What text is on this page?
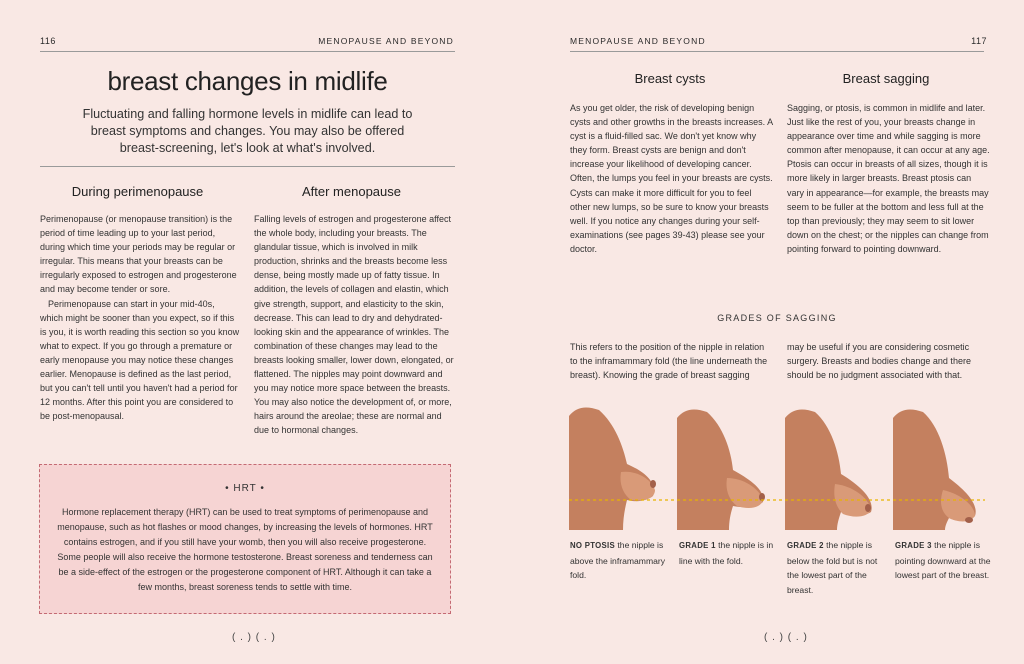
116	MENOPAUSE AND BEYOND
breast changes in midlife
Fluctuating and falling hormone levels in midlife can lead to breast symptoms and changes. You may also be offered breast-screening, let's look at what's involved.
During perimenopause	After menopause

Perimenopause (or menopause transition) is the period of time leading up to your last period, during which time your periods may be regular or irregular. This means that your breasts can be irregularly exposed to estrogen and progesterone and may become tender or sore.

Perimenopause can start in your mid-40s, which might be sooner than you expect, so if this is you, it is worth reading this section so you know what to expect. If you go through a premature or early menopause you may notice these changes earlier. Menopause is defined as the last period, but you can't tell until you haven't had a period for 12 months. After this point you are considered to be post-menopausal.

Falling levels of estrogen and progesterone affect the whole body, including your breasts. The glandular tissue, which is involved in milk production, shrinks and the breasts become less dense, being mostly made up of fatty tissue. In addition, the levels of collagen and elastin, which give strength, support, and elasticity to the skin, decrease. This can lead to dry and dehydrated-looking skin and the appearance of wrinkles. The combination of these changes may lead to the breasts looking smaller, lower down, elongated, or flattened. The nipples may point downward and you may notice more space between the breasts. You may also notice the development of, or more, hairs around the areolae; these are normal and due to hormonal changes.

• HRT •

Hormone replacement therapy (HRT) can be used to treat symptoms of perimenopause and menopause, such as hot flashes or mood changes, by increasing the levels of hormones. HRT contains estrogen, and if you still have your womb, then you will also receive progesterone. Some people will also receive the hormone testosterone. Breast soreness and tenderness can be a side-effect of the estrogen or the progesterone component of HRT. Although it can take a few months, breast soreness tends to settle with time.

( . ) ( . )
MENOPAUSE AND BEYOND	117
Breast cysts	Breast sagging
As you get older, the risk of developing benign cysts and other growths in the breasts increases. A cyst is a fluid-filled sac. We don't yet know why they form. Breast cysts are benign and don't increase your likelihood of developing cancer. Often, the lumps you feel in your breasts are cysts. Cysts can make it more difficult for you to feel other new lumps, so be sure to know your breasts well. If you notice any changes during your self-examinations (see pages 39-43) please see your doctor.
Sagging, or ptosis, is common in midlife and later. Just like the rest of you, your breasts change in appearance over time and while sagging is more common after menopause, it can occur at any age. Ptosis can occur in breasts of all sizes, though it is more likely in larger breasts. Breast ptosis can vary in appearance—for example, the breasts may seem to be fuller at the bottom and less full at the top than previously; they may seem to sit lower down on the chest; or the nipples can change from pointing forward to pointing downward.
This refers to the position of the nipple in relation to the inframammary fold (the line underneath the breast). Knowing the grade of breast sagging
may be useful if you are considering cosmetic surgery. Breasts and bodies change and there should be no judgment associated with that.
( . ) ( . )
GRADES OF SAGGING
NO PTOSIS the nipple is above the inframammary fold.
GRADE 1 the nipple is in line with the fold.
GRADE 2 the nipple is below the fold but is not the lowest part of the breast.
GRADE 3 the nipple is pointing downward at the lowest part of the breast.
